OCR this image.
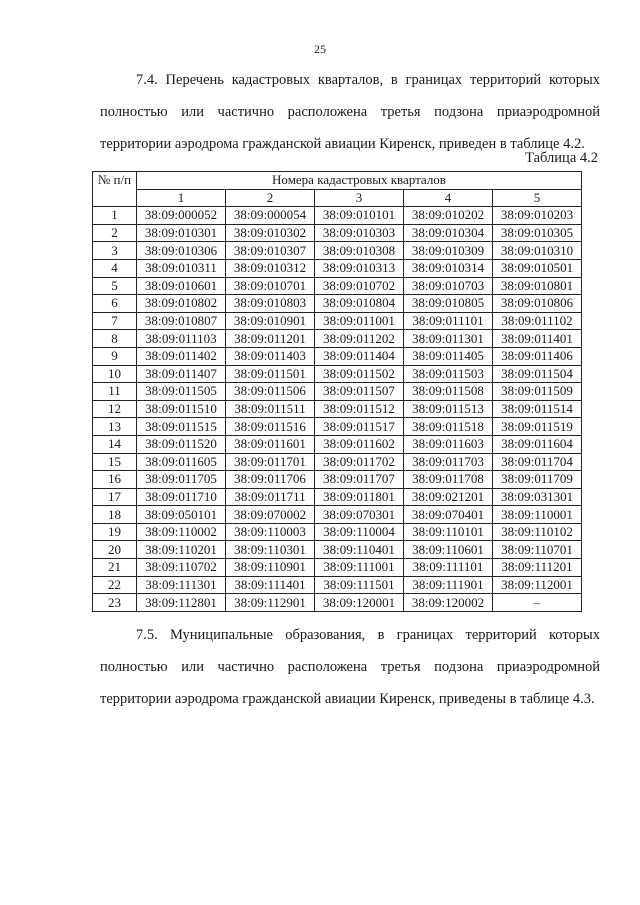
25

7.4. Перечень кадастровых кварталов, в границах территорий которых полностью или частично расположена третья подзона приаэродромной территории аэродрома гражданской авиации Киренск, приведен в таблице 4.2.

Таблица 4.2
№ п/п	Номера кадастровых кварталов				
	1	2	3	4	5
1	38:09:000052	38:09:000054	38:09:010101	38:09:010202	38:09:010203
2	38:09:010301	38:09:010302	38:09:010303	38:09:010304	38:09:010305
3	38:09:010306	38:09:010307	38:09:010308	38:09:010309	38:09:010310
4	38:09:010311	38:09:010312	38:09:010313	38:09:010314	38:09:010501
5	38:09:010601	38:09:010701	38:09:010702	38:09:010703	38:09:010801
6	38:09:010802	38:09:010803	38:09:010804	38:09:010805	38:09:010806
7	38:09:010807	38:09:010901	38:09:011001	38:09:011101	38:09:011102
8	38:09:011103	38:09:011201	38:09:011202	38:09:011301	38:09:011401
9	38:09:011402	38:09:011403	38:09:011404	38:09:011405	38:09:011406
10	38:09:011407	38:09:011501	38:09:011502	38:09:011503	38:09:011504
11	38:09:011505	38:09:011506	38:09:011507	38:09:011508	38:09:011509
12	38:09:011510	38:09:011511	38:09:011512	38:09:011513	38:09:011514
13	38:09:011515	38:09:011516	38:09:011517	38:09:011518	38:09:011519
14	38:09:011520	38:09:011601	38:09:011602	38:09:011603	38:09:011604
15	38:09:011605	38:09:011701	38:09:011702	38:09:011703	38:09:011704
16	38:09:011705	38:09:011706	38:09:011707	38:09:011708	38:09:011709
17	38:09:011710	38:09:011711	38:09:011801	38:09:021201	38:09:031301
18	38:09:050101	38:09:070002	38:09:070301	38:09:070401	38:09:110001
19	38:09:110002	38:09:110003	38:09:110004	38:09:110101	38:09:110102
20	38:09:110201	38:09:110301	38:09:110401	38:09:110601	38:09:110701
21	38:09:110702	38:09:110901	38:09:111001	38:09:111101	38:09:111201
22	38:09:111301	38:09:111401	38:09:111501	38:09:111901	38:09:112001
23	38:09:112801	38:09:112901	38:09:120001	38:09:120002	–

7.5. Муниципальные образования, в границах территорий которых полностью или частично расположена третья подзона приаэродромной территории аэродрома гражданской авиации Киренск, приведены в таблице 4.3.
